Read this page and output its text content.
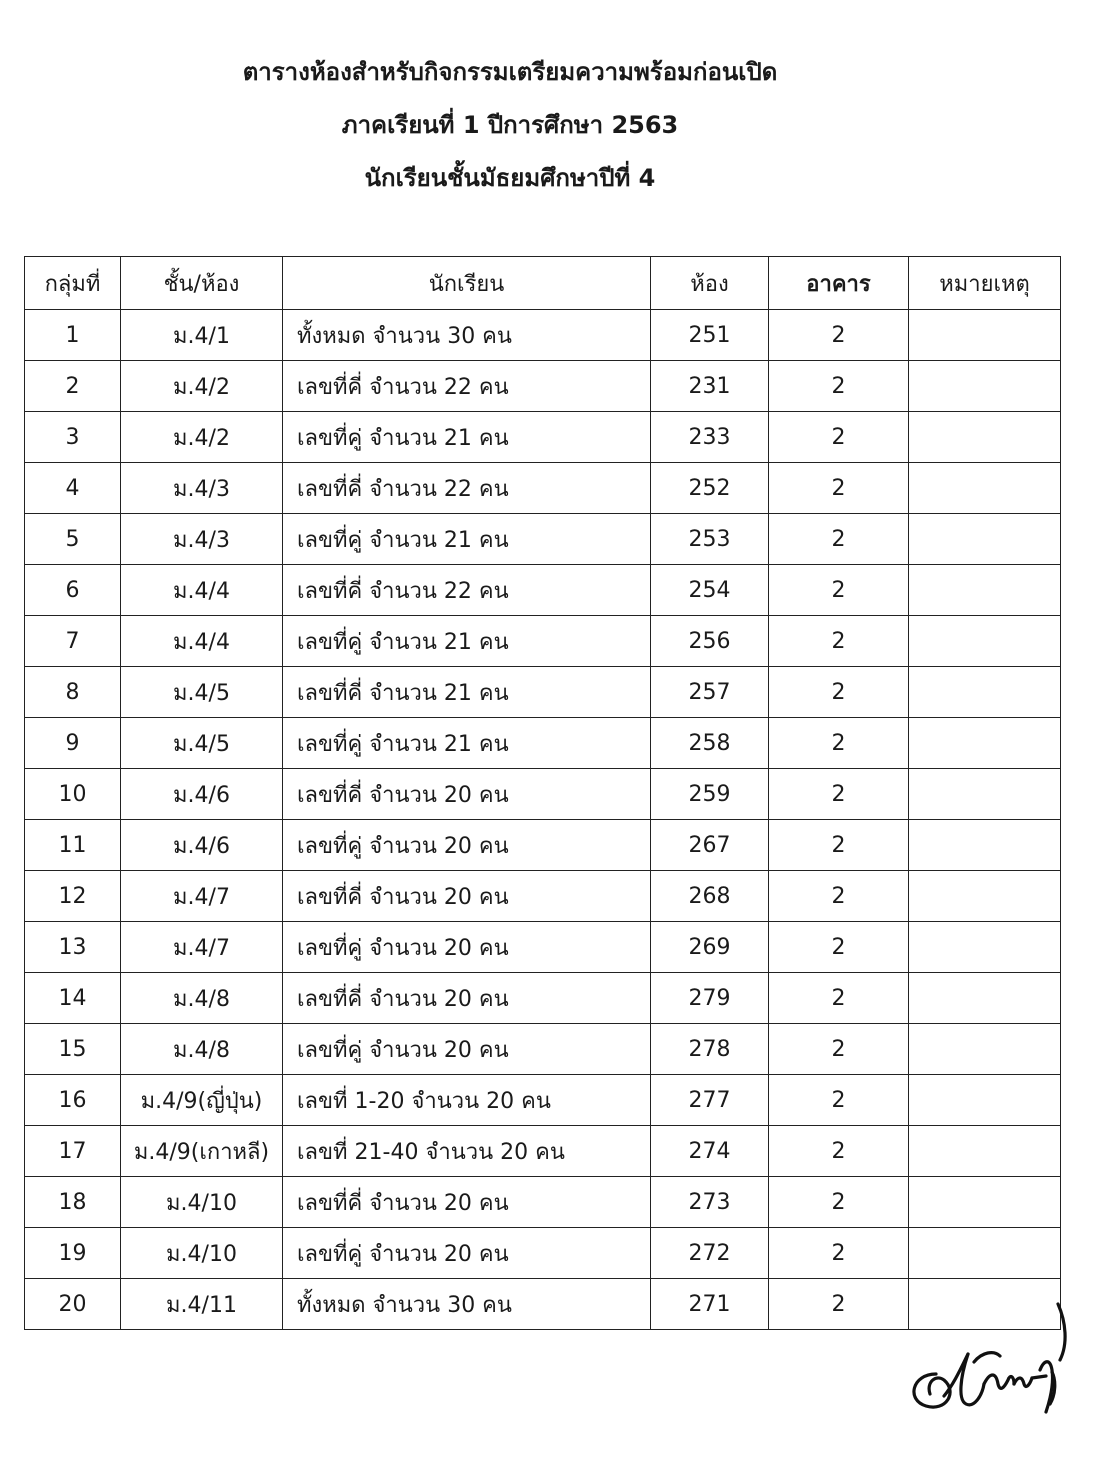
ตารางห้องสำหรับกิจกรรมเตรียมความพร้อมก่อนเปิด
ภาคเรียนที่ 1 ปีการศึกษา 2563
นักเรียนชั้นมัธยมศึกษาปีที่ 4
กลุ่มที่	ชั้น/ห้อง	นักเรียน	ห้อง	อาคาร	หมายเหตุ
1	ม.4/1	ทั้งหมด จำนวน 30 คน	251	2	
2	ม.4/2	เลขที่คี่ จำนวน 22 คน	231	2	
3	ม.4/2	เลขที่คู่ จำนวน 21 คน	233	2	
4	ม.4/3	เลขที่คี่ จำนวน 22 คน	252	2	
5	ม.4/3	เลขที่คู่ จำนวน 21 คน	253	2	
6	ม.4/4	เลขที่คี่ จำนวน 22 คน	254	2	
7	ม.4/4	เลขที่คู่ จำนวน 21 คน	256	2	
8	ม.4/5	เลขที่คี่ จำนวน 21 คน	257	2	
9	ม.4/5	เลขที่คู่ จำนวน 21 คน	258	2	
10	ม.4/6	เลขที่คี่ จำนวน 20 คน	259	2	
11	ม.4/6	เลขที่คู่ จำนวน 20 คน	267	2	
12	ม.4/7	เลขที่คี่ จำนวน 20 คน	268	2	
13	ม.4/7	เลขที่คู่ จำนวน 20 คน	269	2	
14	ม.4/8	เลขที่คี่ จำนวน 20 คน	279	2	
15	ม.4/8	เลขที่คู่ จำนวน 20 คน	278	2	
16	ม.4/9(ญี่ปุ่น)	เลขที่ 1-20 จำนวน 20 คน	277	2	
17	ม.4/9(เกาหลี)	เลขที่ 21-40 จำนวน 20 คน	274	2	
18	ม.4/10	เลขที่คี่ จำนวน 20 คน	273	2	
19	ม.4/10	เลขที่คู่ จำนวน 20 คน	272	2	
20	ม.4/11	ทั้งหมด จำนวน 30 คน	271	2	
